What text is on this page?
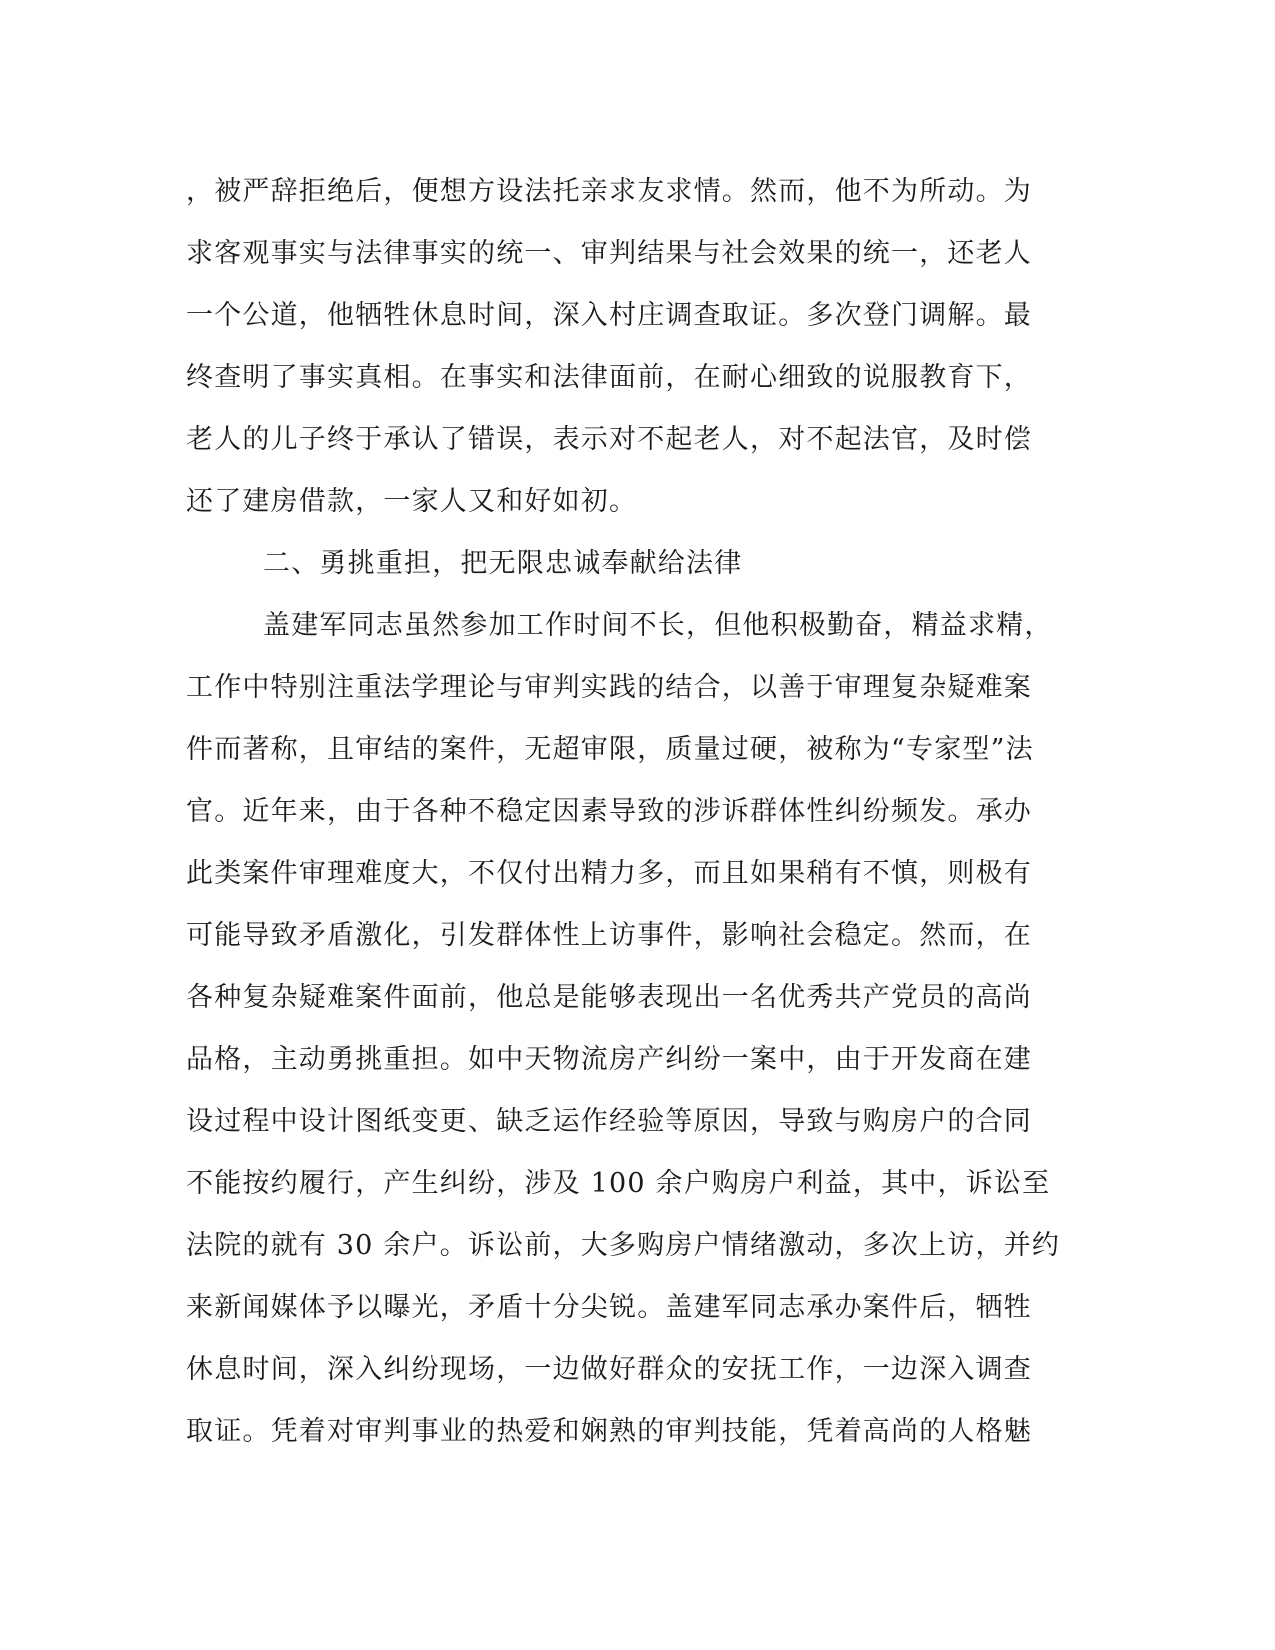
，被严辞拒绝后，便想方设法托亲求友求情。然而，他不为所动。为
求客观事实与法律事实的统一、审判结果与社会效果的统一，还老人
一个公道，他牺牲休息时间，深入村庄调查取证。多次登门调解。最
终查明了事实真相。在事实和法律面前，在耐心细致的说服教育下，
老人的儿子终于承认了错误，表示对不起老人，对不起法官，及时偿
还了建房借款，一家人又和好如初。
二、勇挑重担，把无限忠诚奉献给法律
盖建军同志虽然参加工作时间不长，但他积极勤奋，精益求精，
工作中特别注重法学理论与审判实践的结合，以善于审理复杂疑难案
件而著称，且审结的案件，无超审限，质量过硬，被称为“专家型”法
官。近年来，由于各种不稳定因素导致的涉诉群体性纠纷频发。承办
此类案件审理难度大，不仅付出精力多，而且如果稍有不慎，则极有
可能导致矛盾激化，引发群体性上访事件，影响社会稳定。然而，在
各种复杂疑难案件面前，他总是能够表现出一名优秀共产党员的高尚
品格，主动勇挑重担。如中天物流房产纠纷一案中，由于开发商在建
设过程中设计图纸变更、缺乏运作经验等原因，导致与购房户的合同
不能按约履行，产生纠纷，涉及 100 余户购房户利益，其中，诉讼至
法院的就有 30 余户。诉讼前，大多购房户情绪激动，多次上访，并约
来新闻媒体予以曝光，矛盾十分尖锐。盖建军同志承办案件后，牺牲
休息时间，深入纠纷现场，一边做好群众的安抚工作，一边深入调查
取证。凭着对审判事业的热爱和娴熟的审判技能，凭着高尚的人格魅
